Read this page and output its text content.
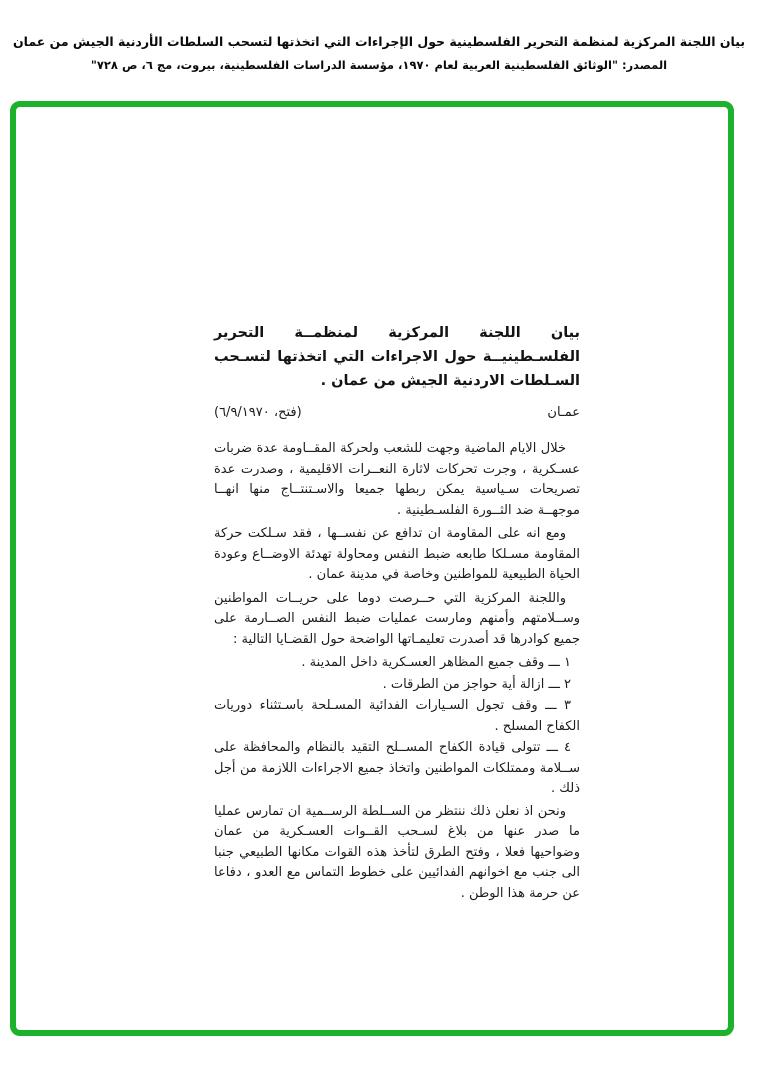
بيان اللجنة المركزية لمنظمة التحرير الفلسطينية حول الإجراءات التي اتخذتها لتسحب السلطات الأردنية الجيش من عمان
المصدر: "الوثائق الفلسطينية العربية لعام ١٩٧٠، مؤسسة الدراسات الفلسطينية، بيروت، مج ٦، ص ٧٢٨"
بيان اللجنة المركزية لمنظمــة التحرير الفلسـطينيــة حول الاجراءات التي اتخذتها لتسـحب السـلطات الاردنية الجيش من عمان .
عمـان
(فتح، ٦/٩/١٩٧٠)

خلال الايام الماضية وجهت للشعب ولحركة المقــاومة عدة ضربات عسـكرية ، وجرت تحركات لاثارة النعــرات الاقليمية ، وصدرت عدة تصريحات سـياسية يمكن ربطها جميعا والاسـتنتــاج منها انهــا موجهــة ضد الثــورة الفلسـطينية .

ومع انه على المقاومة ان تدافع عن نفســها ، فقد سـلكت حركة المقاومة مسـلكا طابعه ضبط النفس ومحاولة تهدئة الاوضــاع وعودة الحياة الطبيعية للمواطنين وخاصة في مدينة عمان .

واللجنة المركزية التي حــرصت دوما على حريــات المواطنين وســلامتهم وأمنهم ومارست عمليات ضبط النفس الصــارمة على جميع كوادرها قد أصدرت تعليمـاتها الواضحة حول القضـايا التالية :

١ ـــ وقف جميع المظاهر العسـكرية داخل المدينة .

٢ ـــ ازالة أية حواجز من الطرقات .

٣ ـــ وقف تجول السـيارات الفدائية المسـلحة باسـتثناء دوريات الكفاح المسلح .

٤ ـــ تتولى قيادة الكفاح المســلح التقيد بالنظام والمحافظة على ســلامة وممتلكات المواطنين واتخاذ جميع الاجراءات اللازمة من أجل ذلك .

ونحن اذ نعلن ذلك ننتظر من الســلطة الرســمية ان تمارس عمليا ما صدر عنها من بلاغ لسـحب القــوات العسـكرية من عمان وضواحيها فعلا ، وفتح الطرق لتأخذ هذه القوات مكانها الطبيعي جنبا الى جنب مع اخوانهم الفدائيين على خطوط التماس مع العدو ، دفاعا عن حرمة هذا الوطن .
